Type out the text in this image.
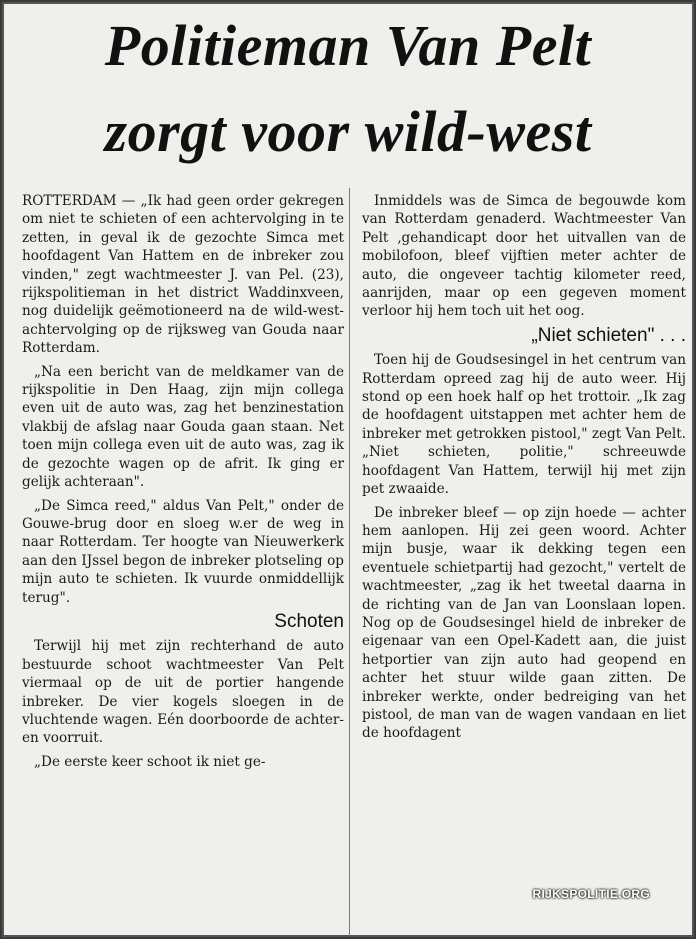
Politieman Van Pelt
zorgt voor wild-west

ROTTERDAM — „Ik had geen order gekregen om niet te schieten of een achtervolging in te zetten, in geval ik de gezochte Simca met hoofdagent Van Hattem en de inbreker zou vinden," zegt wachtmeester J. van Pel. (23), rijkspolitieman in het district Waddinxveen, nog duidelijk geëmotioneerd na de wild-west-achtervolging op de rijksweg van Gouda naar Rotterdam.

„Na een bericht van de meldkamer van de rijkspolitie in Den Haag, zijn mijn collega even uit de auto was, zag het benzinestation vlakbij de afslag naar Gouda gaan staan. Net toen mijn collega even uit de auto was, zag ik de gezochte wagen op de afrit. Ik ging er gelijk achteraan".

„De Simca reed," aldus Van Pelt," onder de Gouwe-brug door en sloeg w.er de weg in naar Rotterdam. Ter hoogte van Nieuwerkerk aan den IJssel begon de inbreker plotseling op mijn auto te schieten. Ik vuurde onmiddellijk terug".

Schoten

Terwijl hij met zijn rechterhand de auto bestuurde schoot wachtmeester Van Pelt viermaal op de uit de portier hangende inbreker. De vier kogels sloegen in de vluchtende wagen. Eén doorboorde de achter- en voorruit.

„De eerste keer schoot ik niet ge-

Inmiddels was de Simca de begouwde kom van Rotterdam genaderd. Wachtmeester Van Pelt ‚gehandicapt door het uitvallen van de mobilofoon, bleef vijftien meter achter de auto, die ongeveer tachtig kilometer reed, aanrijden, maar op een gegeven moment verloor hij hem toch uit het oog.

„Niet schieten" . . .

Toen hij de Goudsesingel in het centrum van Rotterdam opreed zag hij de auto weer. Hij stond op een hoek half op het trottoir. „Ik zag de hoofdagent uitstappen met achter hem de inbreker met getrokken pistool," zegt Van Pelt. „Niet schieten, politie," schreeuwde hoofdagent Van Hattem, terwijl hij met zijn pet zwaaide.

De inbreker bleef — op zijn hoede — achter hem aanlopen. Hij zei geen woord. Achter mijn busje, waar ik dekking tegen een eventuele schietpartij had gezocht," vertelt de wachtmeester, „zag ik het tweetal daarna in de richting van de Jan van Loonslaan lopen. Nog op de Goudsesingel hield de inbreker de eigenaar van een Opel-Kadett aan, die juist hetportier van zijn auto had geopend en achter het stuur wilde gaan zitten. De inbreker werkte, onder bedreiging van het pistool, de man van de wagen vandaan en liet de hoofdagent

RIJKSPOLITIE.ORG
